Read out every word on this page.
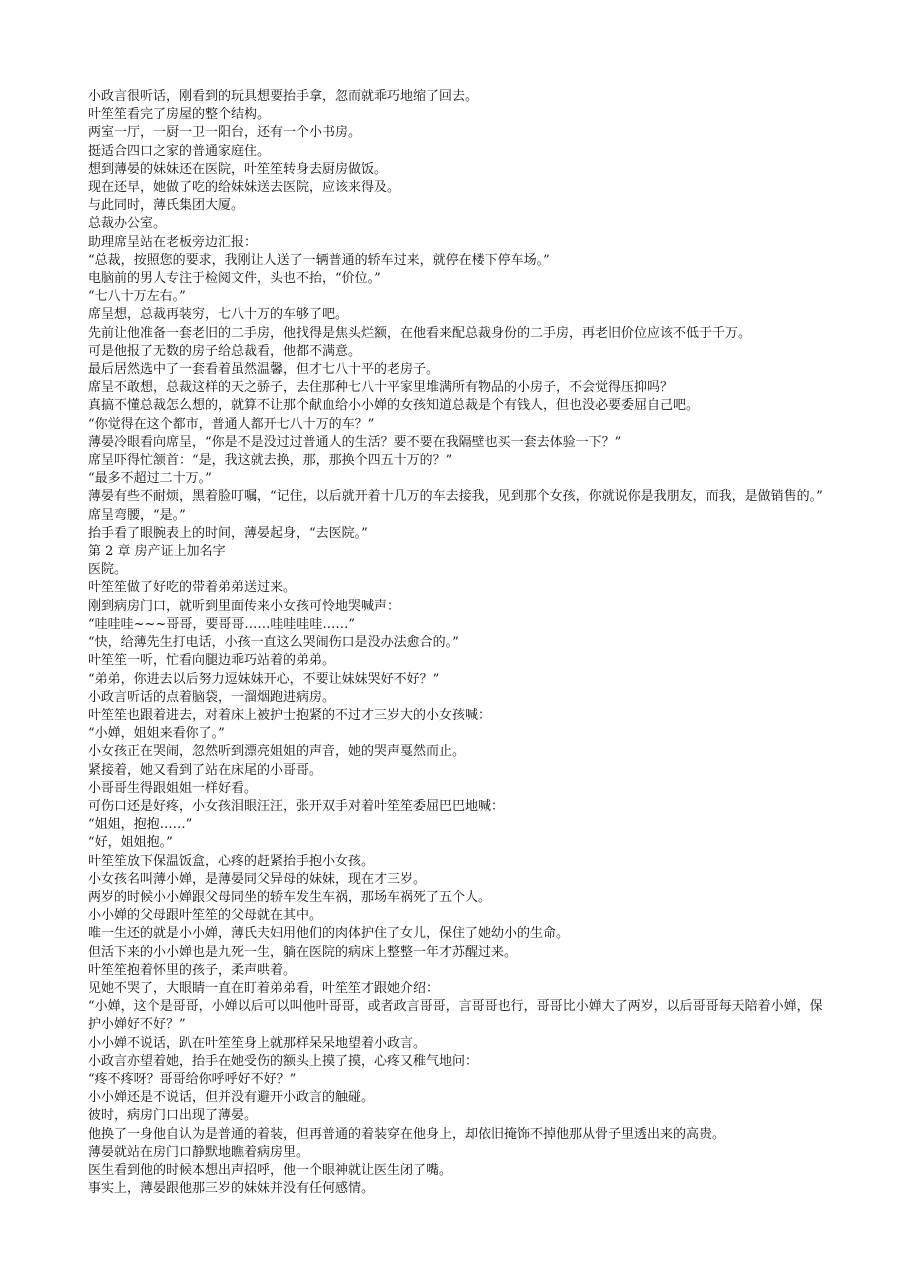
小政言很听话，刚看到的玩具想要抬手拿，忽而就乖巧地缩了回去。

叶笙笙看完了房屋的整个结构。

两室一厅，一厨一卫一阳台，还有一个小书房。

挺适合四口之家的普通家庭住。

想到薄晏的妹妹还在医院，叶笙笙转身去厨房做饭。

现在还早，她做了吃的给妹妹送去医院，应该来得及。

与此同时，薄氏集团大厦。

总裁办公室。

助理席呈站在老板旁边汇报：

“总裁，按照您的要求，我刚让人送了一辆普通的轿车过来，就停在楼下停车场。”

电脑前的男人专注于检阅文件，头也不抬，“价位。”

“七八十万左右。”

席呈想，总裁再装穷，七八十万的车够了吧。

先前让他准备一套老旧的二手房，他找得是焦头烂额，在他看来配总裁身份的二手房，再老旧价位应该不低于千万。

可是他报了无数的房子给总裁看，他都不满意。

最后居然选中了一套看着虽然温馨，但才七八十平的老房子。

席呈不敢想，总裁这样的天之骄子，去住那种七八十平家里堆满所有物品的小房子，不会觉得压抑吗？

真搞不懂总裁怎么想的，就算不让那个献血给小小婵的女孩知道总裁是个有钱人，但也没必要委屈自己吧。

“你觉得在这个都市，普通人都开七八十万的车？”

薄晏冷眼看向席呈，“你是不是没过过普通人的生活？要不要在我隔壁也买一套去体验一下？”

席呈吓得忙颔首：“是，我这就去换，那，那换个四五十万的？”

“最多不超过二十万。”

薄晏有些不耐烦，黑着脸叮嘱，“记住，以后就开着十几万的车去接我，见到那个女孩，你就说你是我朋友，而我，是做销售的。”

席呈弯腰，“是。”

抬手看了眼腕表上的时间，薄晏起身，“去医院。”

第 2 章 房产证上加名字

医院。

叶笙笙做了好吃的带着弟弟送过来。

刚到病房门口，就听到里面传来小女孩可怜地哭喊声：

“哇哇哇~~~哥哥，要哥哥……哇哇哇哇……”

“快，给薄先生打电话，小孩一直这么哭闹伤口是没办法愈合的。”

叶笙笙一听，忙看向腿边乖巧站着的弟弟。

“弟弟，你进去以后努力逗妹妹开心，不要让妹妹哭好不好？”

小政言听话的点着脑袋，一溜烟跑进病房。

叶笙笙也跟着进去，对着床上被护士抱紧的不过才三岁大的小女孩喊：

“小婵，姐姐来看你了。”

小女孩正在哭闹，忽然听到漂亮姐姐的声音，她的哭声戛然而止。

紧接着，她又看到了站在床尾的小哥哥。

小哥哥生得跟姐姐一样好看。

可伤口还是好疼，小女孩泪眼汪汪，张开双手对着叶笙笙委屈巴巴地喊：

“姐姐，抱抱……”

“好，姐姐抱。”

叶笙笙放下保温饭盒，心疼的赶紧抬手抱小女孩。

小女孩名叫薄小婵，是薄晏同父异母的妹妹，现在才三岁。

两岁的时候小小婵跟父母同坐的轿车发生车祸，那场车祸死了五个人。

小小婵的父母跟叶笙笙的父母就在其中。

唯一生还的就是小小婵，薄氏夫妇用他们的肉体护住了女儿，保住了她幼小的生命。

但活下来的小小婵也是九死一生，躺在医院的病床上整整一年才苏醒过来。

叶笙笙抱着怀里的孩子，柔声哄着。

见她不哭了，大眼睛一直在盯着弟弟看，叶笙笙才跟她介绍：

“小婵，这个是哥哥，小婵以后可以叫他叶哥哥，或者政言哥哥，言哥哥也行，哥哥比小婵大了两岁，以后哥哥每天陪着小婵，保护小婵好不好？”

小小婵不说话，趴在叶笙笙身上就那样呆呆地望着小政言。

小政言亦望着她，抬手在她受伤的额头上摸了摸，心疼又稚气地问：

“疼不疼呀？哥哥给你呼呼好不好？”

小小婵还是不说话，但并没有避开小政言的触碰。

彼时，病房门口出现了薄晏。

他换了一身他自认为是普通的着装，但再普通的着装穿在他身上，却依旧掩饰不掉他那从骨子里透出来的高贵。

薄晏就站在房门口静默地瞧着病房里。

医生看到他的时候本想出声招呼，他一个眼神就让医生闭了嘴。

事实上，薄晏跟他那三岁的妹妹并没有任何感情。
